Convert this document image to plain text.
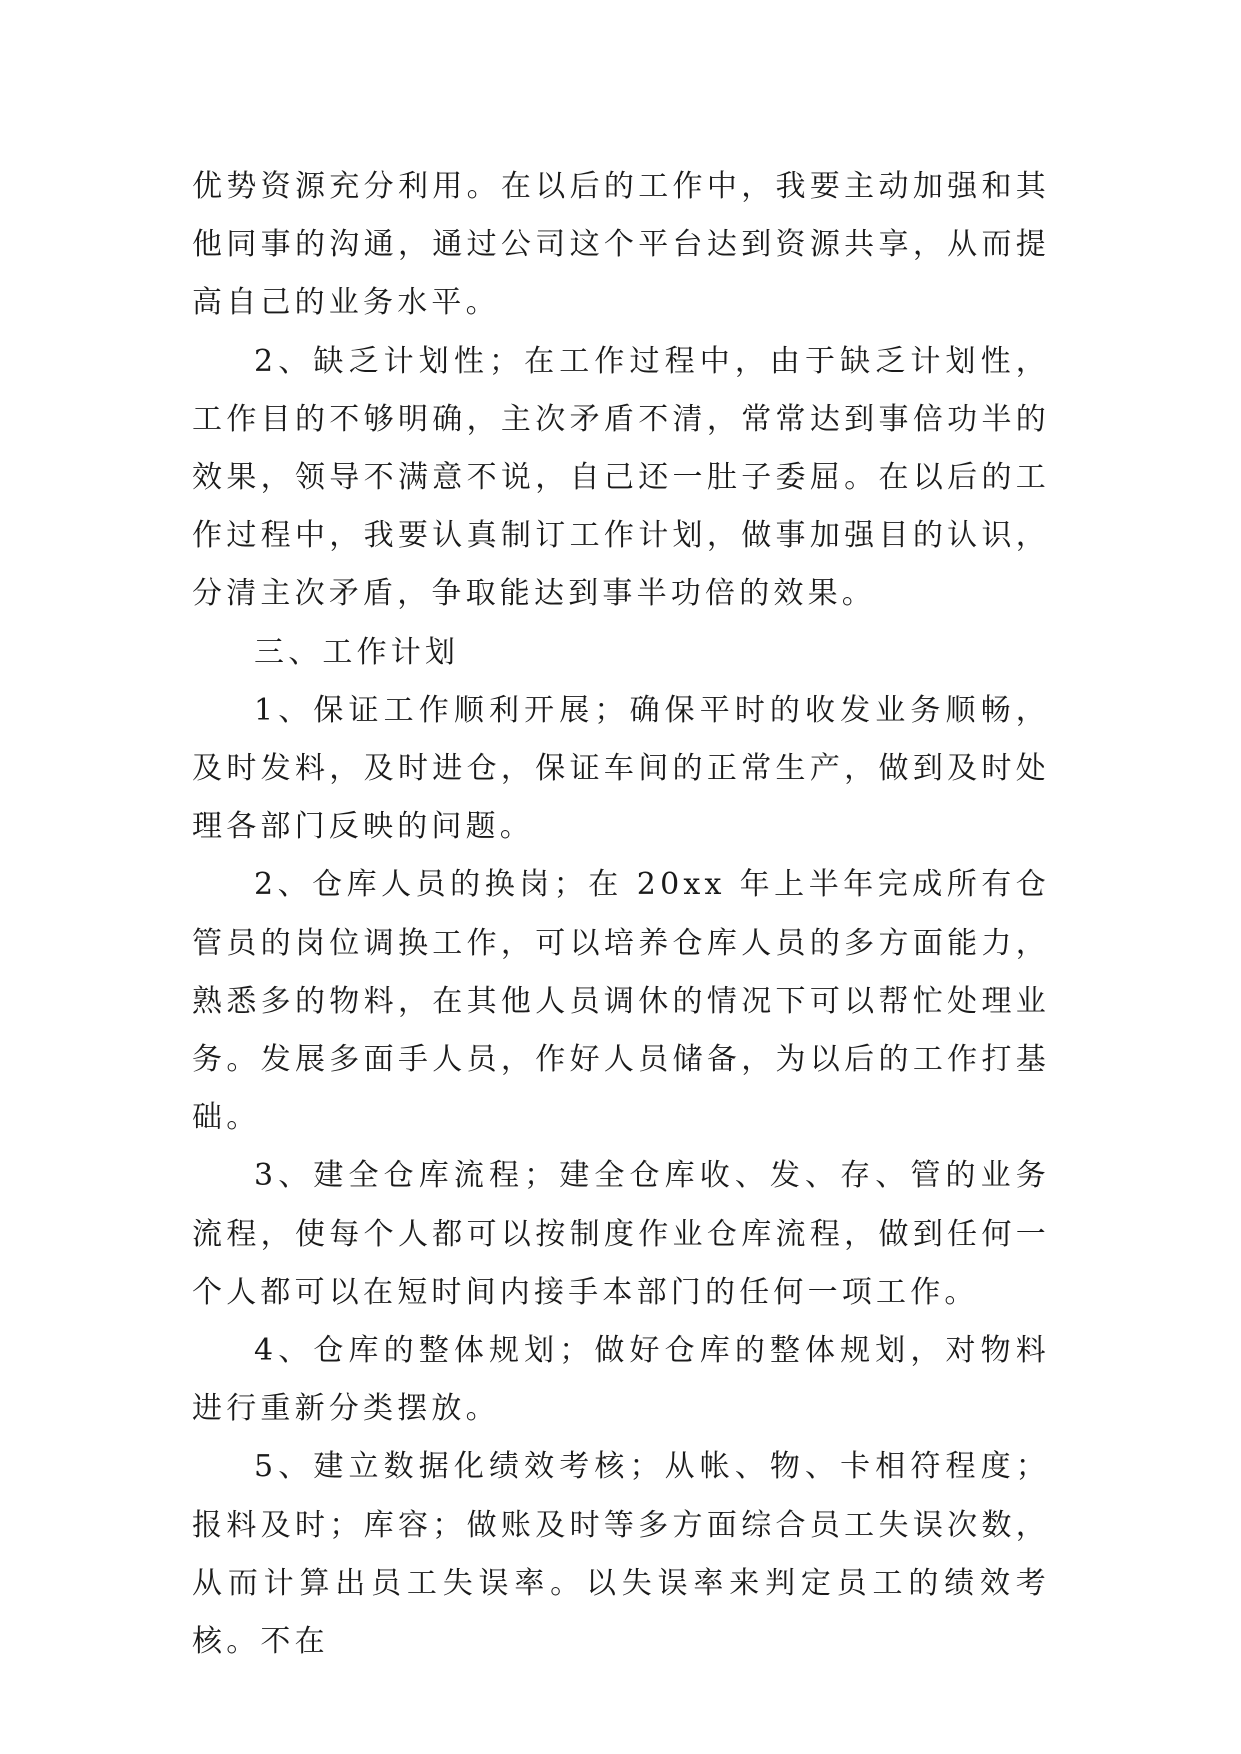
优势资源充分利用。在以后的工作中，我要主动加强和其他同事的沟通，通过公司这个平台达到资源共享，从而提高自己的业务水平。

2、缺乏计划性；在工作过程中，由于缺乏计划性，工作目的不够明确，主次矛盾不清，常常达到事倍功半的效果，领导不满意不说，自己还一肚子委屈。在以后的工作过程中，我要认真制订工作计划，做事加强目的认识，分清主次矛盾，争取能达到事半功倍的效果。

三、工作计划

1、保证工作顺利开展；确保平时的收发业务顺畅，及时发料，及时进仓，保证车间的正常生产，做到及时处理各部门反映的问题。

2、仓库人员的换岗；在 20xx 年上半年完成所有仓管员的岗位调换工作，可以培养仓库人员的多方面能力，熟悉多的物料，在其他人员调休的情况下可以帮忙处理业务。发展多面手人员，作好人员储备，为以后的工作打基础。

3、建全仓库流程；建全仓库收、发、存、管的业务流程，使每个人都可以按制度作业仓库流程，做到任何一个人都可以在短时间内接手本部门的任何一项工作。

4、仓库的整体规划；做好仓库的整体规划，对物料进行重新分类摆放。

5、建立数据化绩效考核；从帐、物、卡相符程度；报料及时；库容；做账及时等多方面综合员工失误次数，从而计算出员工失误率。以失误率来判定员工的绩效考核。不在
